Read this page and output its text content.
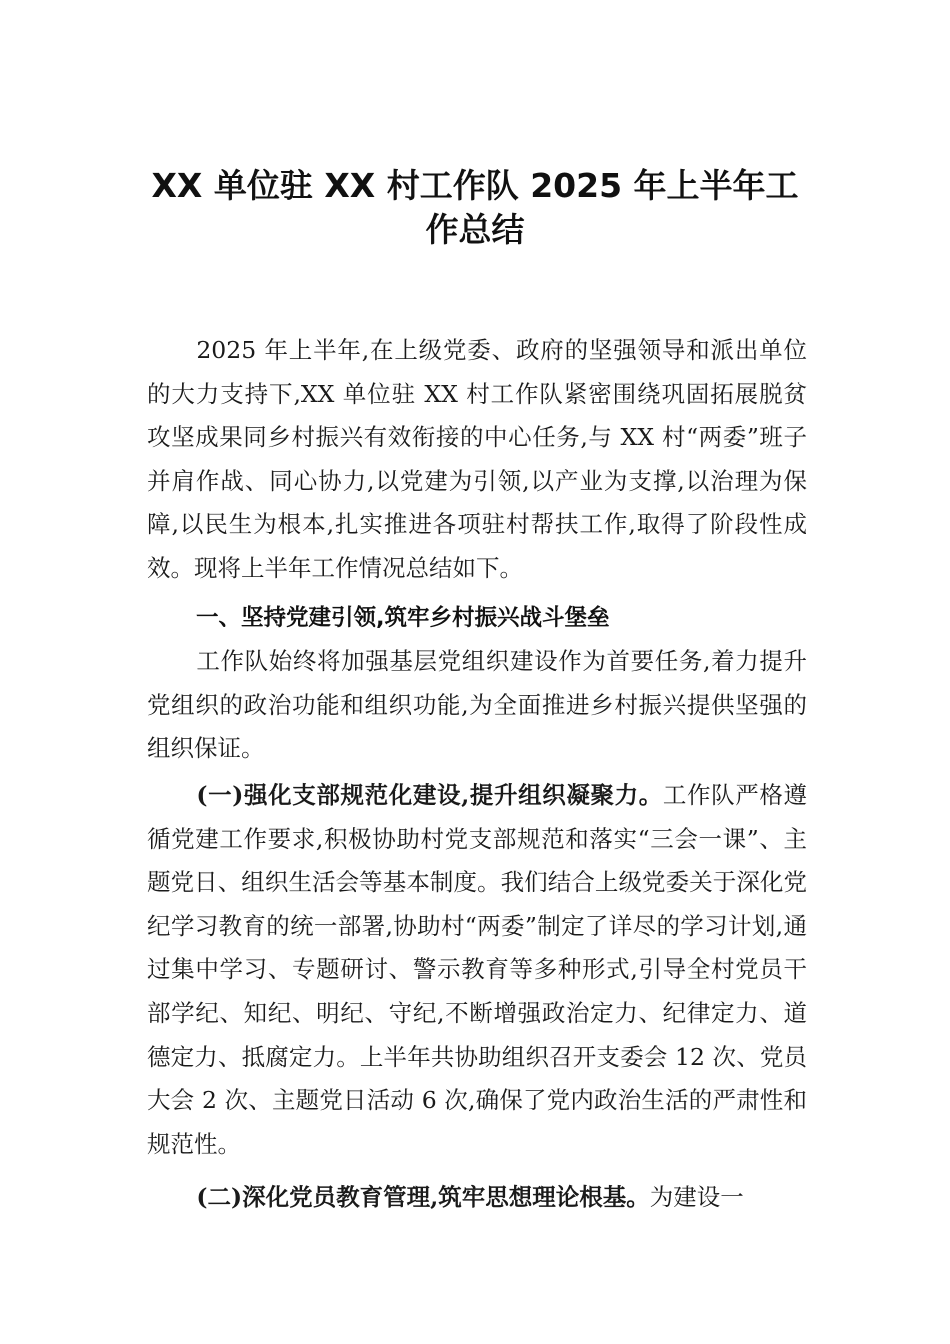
XX 单位驻 XX 村工作队 2025 年上半年工
作总结

2025 年上半年,在上级党委、政府的坚强领导和派出单位的大力支持下,XX 单位驻 XX 村工作队紧密围绕巩固拓展脱贫攻坚成果同乡村振兴有效衔接的中心任务,与 XX 村“两委”班子并肩作战、同心协力,以党建为引领,以产业为支撑,以治理为保障,以民生为根本,扎实推进各项驻村帮扶工作,取得了阶段性成效。现将上半年工作情况总结如下。

一、坚持党建引领,筑牢乡村振兴战斗堡垒

工作队始终将加强基层党组织建设作为首要任务,着力提升党组织的政治功能和组织功能,为全面推进乡村振兴提供坚强的组织保证。

(一)强化支部规范化建设,提升组织凝聚力。工作队严格遵循党建工作要求,积极协助村党支部规范和落实“三会一课”、主题党日、组织生活会等基本制度。我们结合上级党委关于深化党纪学习教育的统一部署,协助村“两委”制定了详尽的学习计划,通过集中学习、专题研讨、警示教育等多种形式,引导全村党员干部学纪、知纪、明纪、守纪,不断增强政治定力、纪律定力、道德定力、抵腐定力。上半年共协助组织召开支委会 12 次、党员大会 2 次、主题党日活动 6 次,确保了党内政治生活的严肃性和规范性。

(二)深化党员教育管理,筑牢思想理论根基。为建设一
